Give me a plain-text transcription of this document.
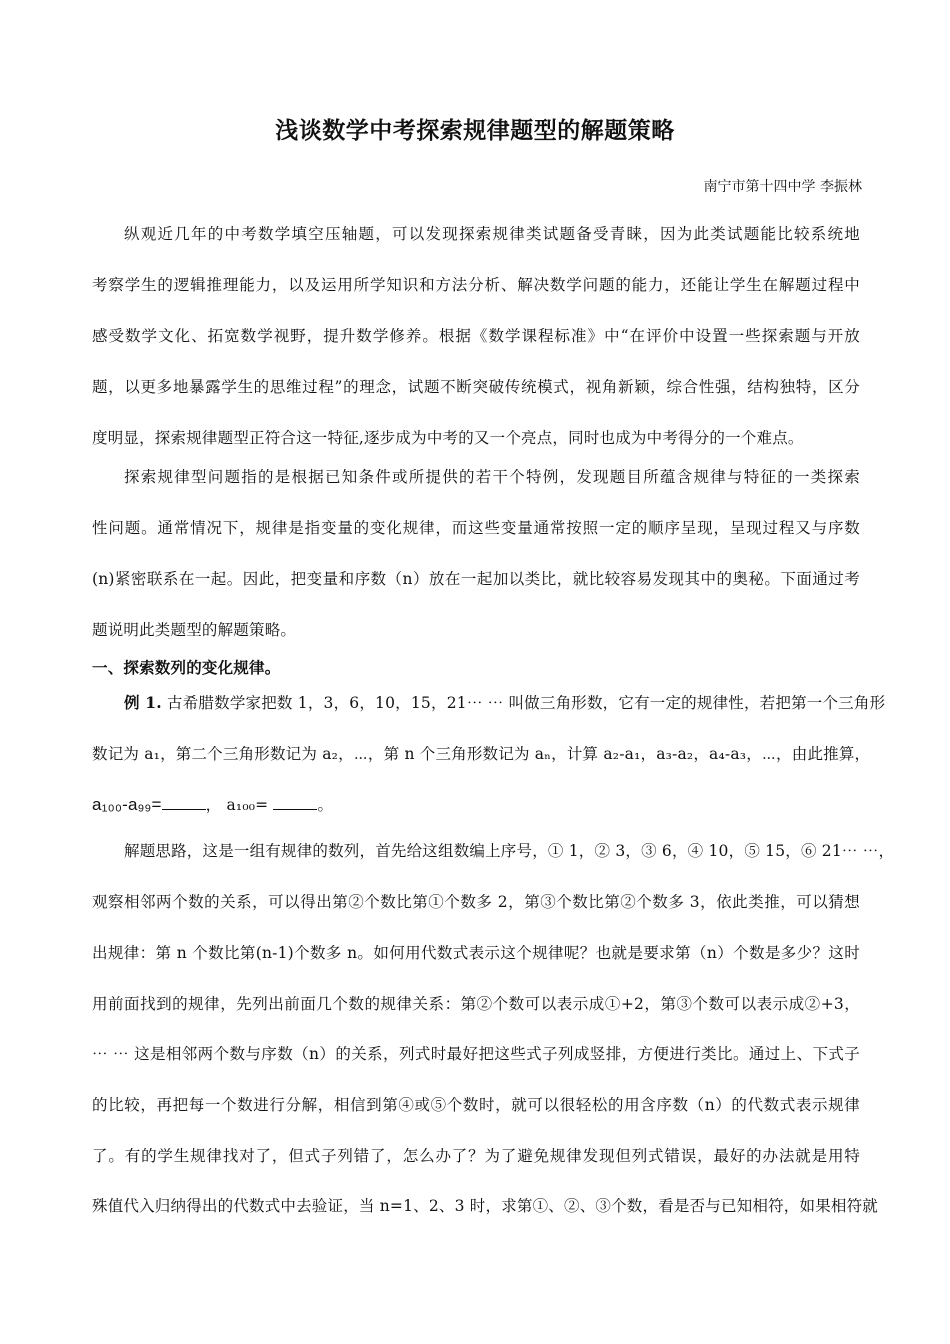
浅谈数学中考探索规律题型的解题策略
南宁市第十四中学 李振林
纵观近几年的中考数学填空压轴题，可以发现探索规律类试题备受青睐，因为此类试题能比较系统地
考察学生的逻辑推理能力，以及运用所学知识和方法分析、解决数学问题的能力，还能让学生在解题过程中
感受数学文化、拓宽数学视野，提升数学修养。根据《数学课程标准》中“在评价中设置一些探索题与开放
题，以更多地暴露学生的思维过程”的理念，试题不断突破传统模式，视角新颖，综合性强，结构独特，区分
度明显，探索规律题型正符合这一特征,逐步成为中考的又一个亮点，同时也成为中考得分的一个难点。
探索规律型问题指的是根据已知条件或所提供的若干个特例，发现题目所蕴含规律与特征的一类探索
性问题。通常情况下，规律是指变量的变化规律，而这些变量通常按照一定的顺序呈现，呈现过程又与序数
(n)紧密联系在一起。因此，把变量和序数（n）放在一起加以类比，就比较容易发现其中的奥秘。下面通过考
题说明此类题型的解题策略。
一、探索数列的变化规律。
例 1. 古希腊数学家把数 1，3，6，10，15，21⋯ ⋯ 叫做三角形数，它有一定的规律性，若把第一个三角形
数记为 a₁，第二个三角形数记为 a₂，⋯，第 n 个三角形数记为 aₙ，计算 a₂-a₁，a₃-a₂，a₄-a₃，⋯，由此推算，
a₁₀₀-a₉₉=	， a₁₀₀=	。
解题思路，这是一组有规律的数列，首先给这组数编上序号，① 1，② 3，③ 6，④ 10，⑤ 15，⑥ 21⋯ ⋯，
观察相邻两个数的关系，可以得出第②个数比第①个数多 2，第③个数比第②个数多 3，依此类推，可以猜想
出规律：第 n 个数比第(n-1)个数多 n。如何用代数式表示这个规律呢？也就是要求第（n）个数是多少？这时
用前面找到的规律，先列出前面几个数的规律关系：第②个数可以表示成①+2，第③个数可以表示成②+3，
⋯ ⋯ 这是相邻两个数与序数（n）的关系，列式时最好把这些式子列成竖排，方便进行类比。通过上、下式子
的比较，再把每一个数进行分解，相信到第④或⑤个数时，就可以很轻松的用含序数（n）的代数式表示规律
了。有的学生规律找对了，但式子列错了，怎么办了？为了避免规律发现但列式错误，最好的办法就是用特
殊值代入归纳得出的代数式中去验证，当 n=1、2、3 时，求第①、②、③个数，看是否与已知相符，如果相符就
